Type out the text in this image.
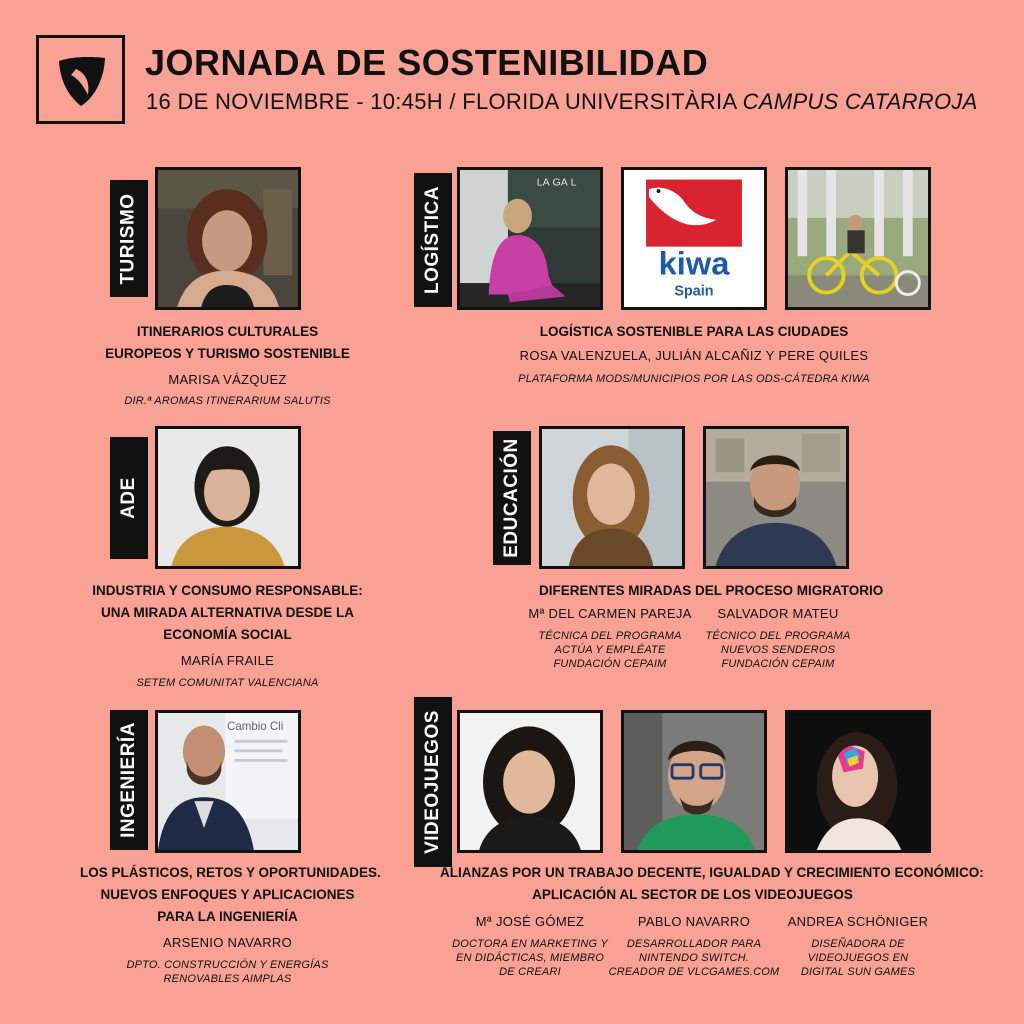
JORNADA DE SOSTENIBILIDAD
16 DE NOVIEMBRE - 10:45H / FLORIDA UNIVERSITÀRIA CAMPUS CATARROJA
TURISMO
ITINERARIOS CULTURALES
EUROPEOS Y TURISMO SOSTENIBLE
MARISA VÁZQUEZ
DIR.ª AROMAS ITINERARIUM SALUTIS
LOGÍSTICA
LA GA L
kiwa
Spain
LOGÍSTICA SOSTENIBLE PARA LAS CIUDADES
ROSA VALENZUELA, JULIÁN ALCAÑIZ Y PERE QUILES
PLATAFORMA MODS/MUNICIPIOS POR LAS ODS-CÁTEDRA KIWA
ADE
INDUSTRIA Y CONSUMO RESPONSABLE:
UNA MIRADA ALTERNATIVA DESDE LA
ECONOMÍA SOCIAL
MARÍA FRAILE
SETEM COMUNITAT VALENCIANA
EDUCACIÓN
DIFERENTES MIRADAS DEL PROCESO MIGRATORIO
Mª DEL CARMEN PAREJA
TÉCNICA DEL PROGRAMA
ACTÚA Y EMPLÉATE
FUNDACIÓN CEPAIM
SALVADOR MATEU
TÉCNICO DEL PROGRAMA
NUEVOS SENDEROS
FUNDACIÓN CEPAIM
INGENIERÍA	Cambio Cli
LOS PLÁSTICOS, RETOS Y OPORTUNIDADES.
NUEVOS ENFOQUES Y APLICACIONES
PARA LA INGENIERÍA
ARSENIO NAVARRO
DPTO. CONSTRUCCIÓN Y ENERGÍAS
RENOVABLES AIMPLAS
VIDEOJUEGOS
ALIANZAS POR UN TRABAJO DECENTE, IGUALDAD Y CRECIMIENTO ECONÓMICO:
APLICACIÓN AL SECTOR DE LOS VIDEOJUEGOS
Mª JOSÉ GÓMEZ
DOCTORA EN MARKETING Y
EN DIDÁCTICAS, MIEMBRO
DE CREARI
PABLO NAVARRO
DESARROLLADOR PARA
NINTENDO SWITCH.
CREADOR DE VLCGAMES.COM
ANDREA SCHÖNIGER
DISEÑADORA DE
VIDEOJUEGOS EN
DIGITAL SUN GAMES
